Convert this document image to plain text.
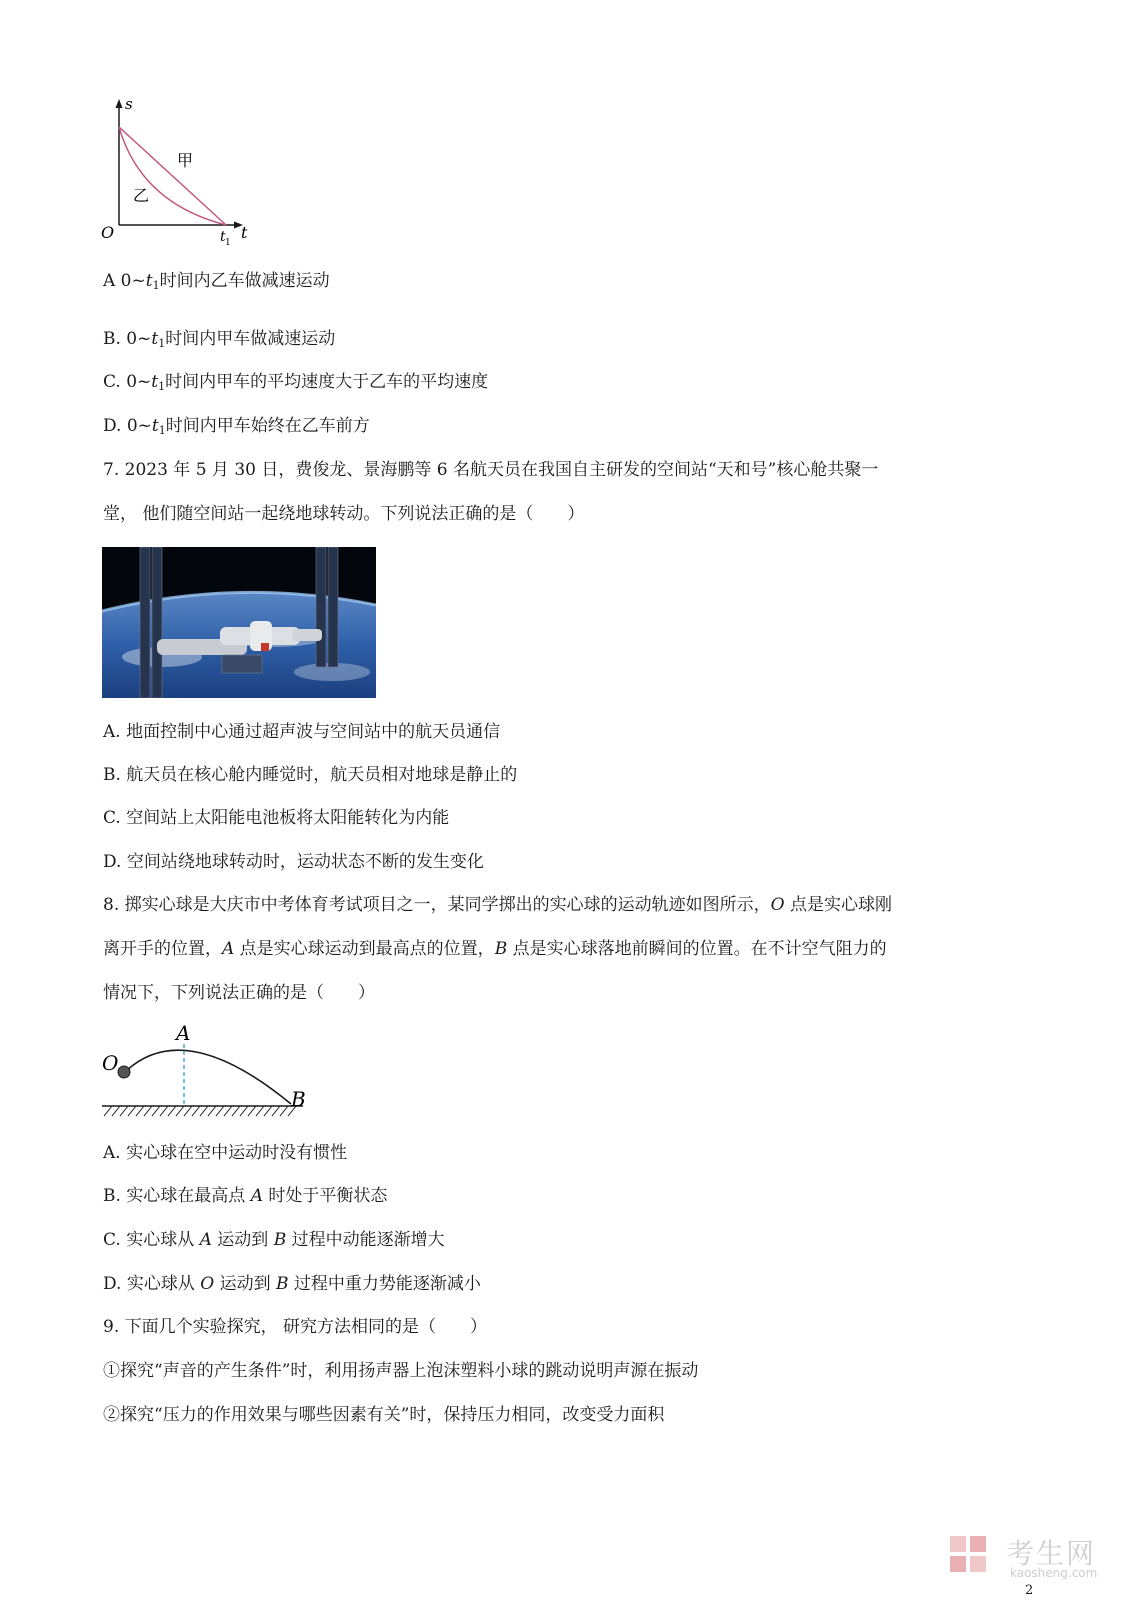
s
t
O	t 1
甲
乙
A $0\sim t_1$时间内乙车做减速运动
B. $0\sim t_1$时间内甲车做减速运动
C. $0\sim t_1$时间内甲车的平均速度大于乙车的平均速度
D. $0\sim t_1$时间内甲车始终在乙车前方
7. 2023 年 5 月 30 日，费俊龙、景海鹏等 6 名航天员在我国自主研发的空间站“天和号”核心舱共聚一
堂， 他们随空间站一起绕地球转动。下列说法正确的是（　　）
A. 地面控制中心通过超声波与空间站中的航天员通信
B. 航天员在核心舱内睡觉时，航天员相对地球是静止的
C. 空间站上太阳能电池板将太阳能转化为内能
D. 空间站绕地球转动时，运动状态不断的发生变化
8. 掷实心球是大庆市中考体育考试项目之一，某同学掷出的实心球的运动轨迹如图所示，O 点是实心球刚
离开手的位置，A 点是实心球运动到最高点的位置，B 点是实心球落地前瞬间的位置。在不计空气阻力的
情况下，下列说法正确的是（　　）
O
A
B
A. 实心球在空中运动时没有惯性
B. 实心球在最高点 A 时处于平衡状态
C. 实心球从 A 运动到 B 过程中动能逐渐增大
D. 实心球从 O 运动到 B 过程中重力势能逐渐减小
9. 下面几个实验探究， 研究方法相同的是（　　）
①探究“声音的产生条件”时，利用扬声器上泡沫塑料小球的跳动说明声源在振动
②探究“压力的作用效果与哪些因素有关”时，保持压力相同，改变受力面积
考生网
kaosheng.com
2
